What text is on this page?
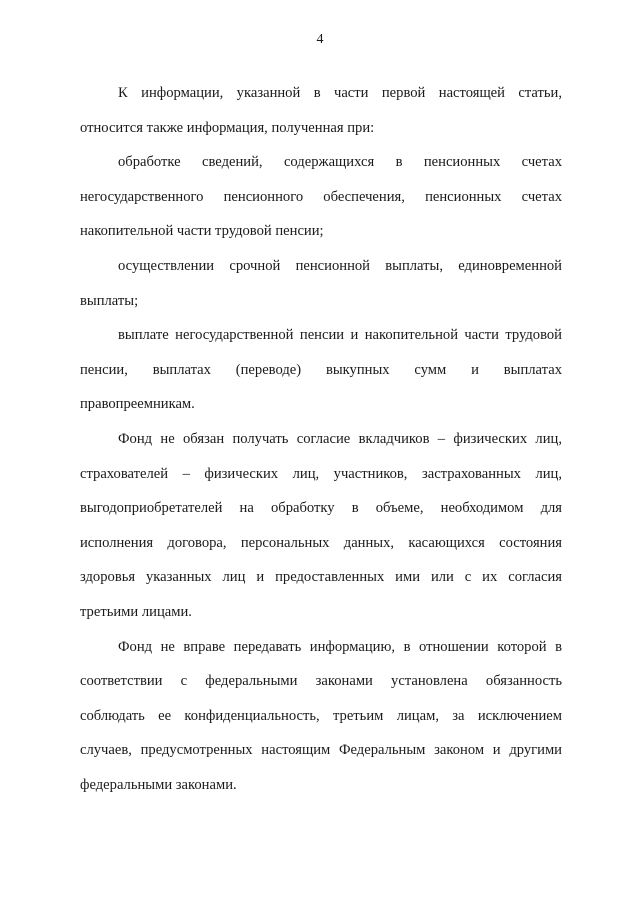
4
К информации, указанной в части первой настоящей статьи,
относится также информация, полученная при:
обработке сведений, содержащихся в пенсионных счетах
негосударственного пенсионного обеспечения, пенсионных счетах
накопительной части трудовой пенсии;
осуществлении срочной пенсионной выплаты, единовременной
выплаты;
выплате негосударственной пенсии и накопительной части трудовой
пенсии, выплатах (переводе) выкупных сумм и выплатах
правопреемникам.
Фонд не обязан получать согласие вкладчиков – физических лиц,
страхователей – физических лиц, участников, застрахованных лиц,
выгодоприобретателей на обработку в объеме, необходимом для
исполнения договора, персональных данных, касающихся состояния
здоровья указанных лиц и предоставленных ими или с их согласия
третьими лицами.
Фонд не вправе передавать информацию, в отношении которой в
соответствии с федеральными законами установлена обязанность
соблюдать ее конфиденциальность, третьим лицам, за исключением
случаев, предусмотренных настоящим Федеральным законом и другими
федеральными законами.
